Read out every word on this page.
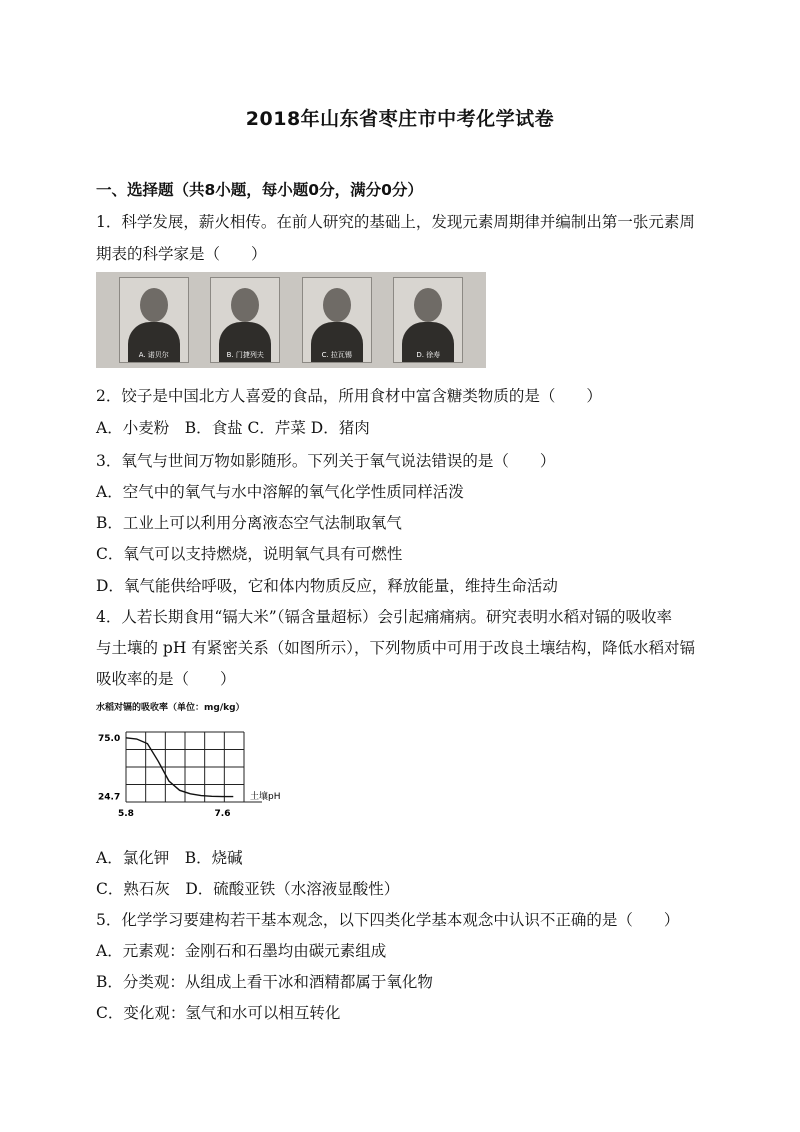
2018年山东省枣庄市中考化学试卷
一、选择题（共8小题，每小题0分，满分0分）
1．科学发展，薪火相传。在前人研究的基础上，发现元素周期律并编制出第一张元素周
期表的科学家是（　　）
A. 诺贝尔	B. 门捷列夫	C. 拉瓦锡	D. 徐寿
2．饺子是中国北方人喜爱的食品，所用食材中富含糖类物质的是（　　）
A．小麦粉　B．食盐 C．芹菜 D．猪肉
3．氧气与世间万物如影随形。下列关于氧气说法错误的是（　　）
A．空气中的氧气与水中溶解的氧气化学性质同样活泼
B．工业上可以利用分离液态空气法制取氧气
C．氧气可以支持燃烧，说明氧气具有可燃性
D．氧气能供给呼吸，它和体内物质反应，释放能量，维持生命活动
4．人若长期食用“镉大米”（镉含量超标）会引起痛痛病。研究表明水稻对镉的吸收率
与土壤的 pH 有紧密关系（如图所示），下列物质中可用于改良土壤结构，降低水稻对镉
吸收率的是（　　）
水稻对镉的吸收率（单位：mg/kg）
75.0
24.7
5.8	7.6
土壤pH
A．氯化钾　B．烧碱
C．熟石灰　D．硫酸亚铁（水溶液显酸性）
5．化学学习要建构若干基本观念，以下四类化学基本观念中认识不正确的是（　　）
A．元素观：金刚石和石墨均由碳元素组成
B．分类观：从组成上看干冰和酒精都属于氧化物
C．变化观：氢气和水可以相互转化
